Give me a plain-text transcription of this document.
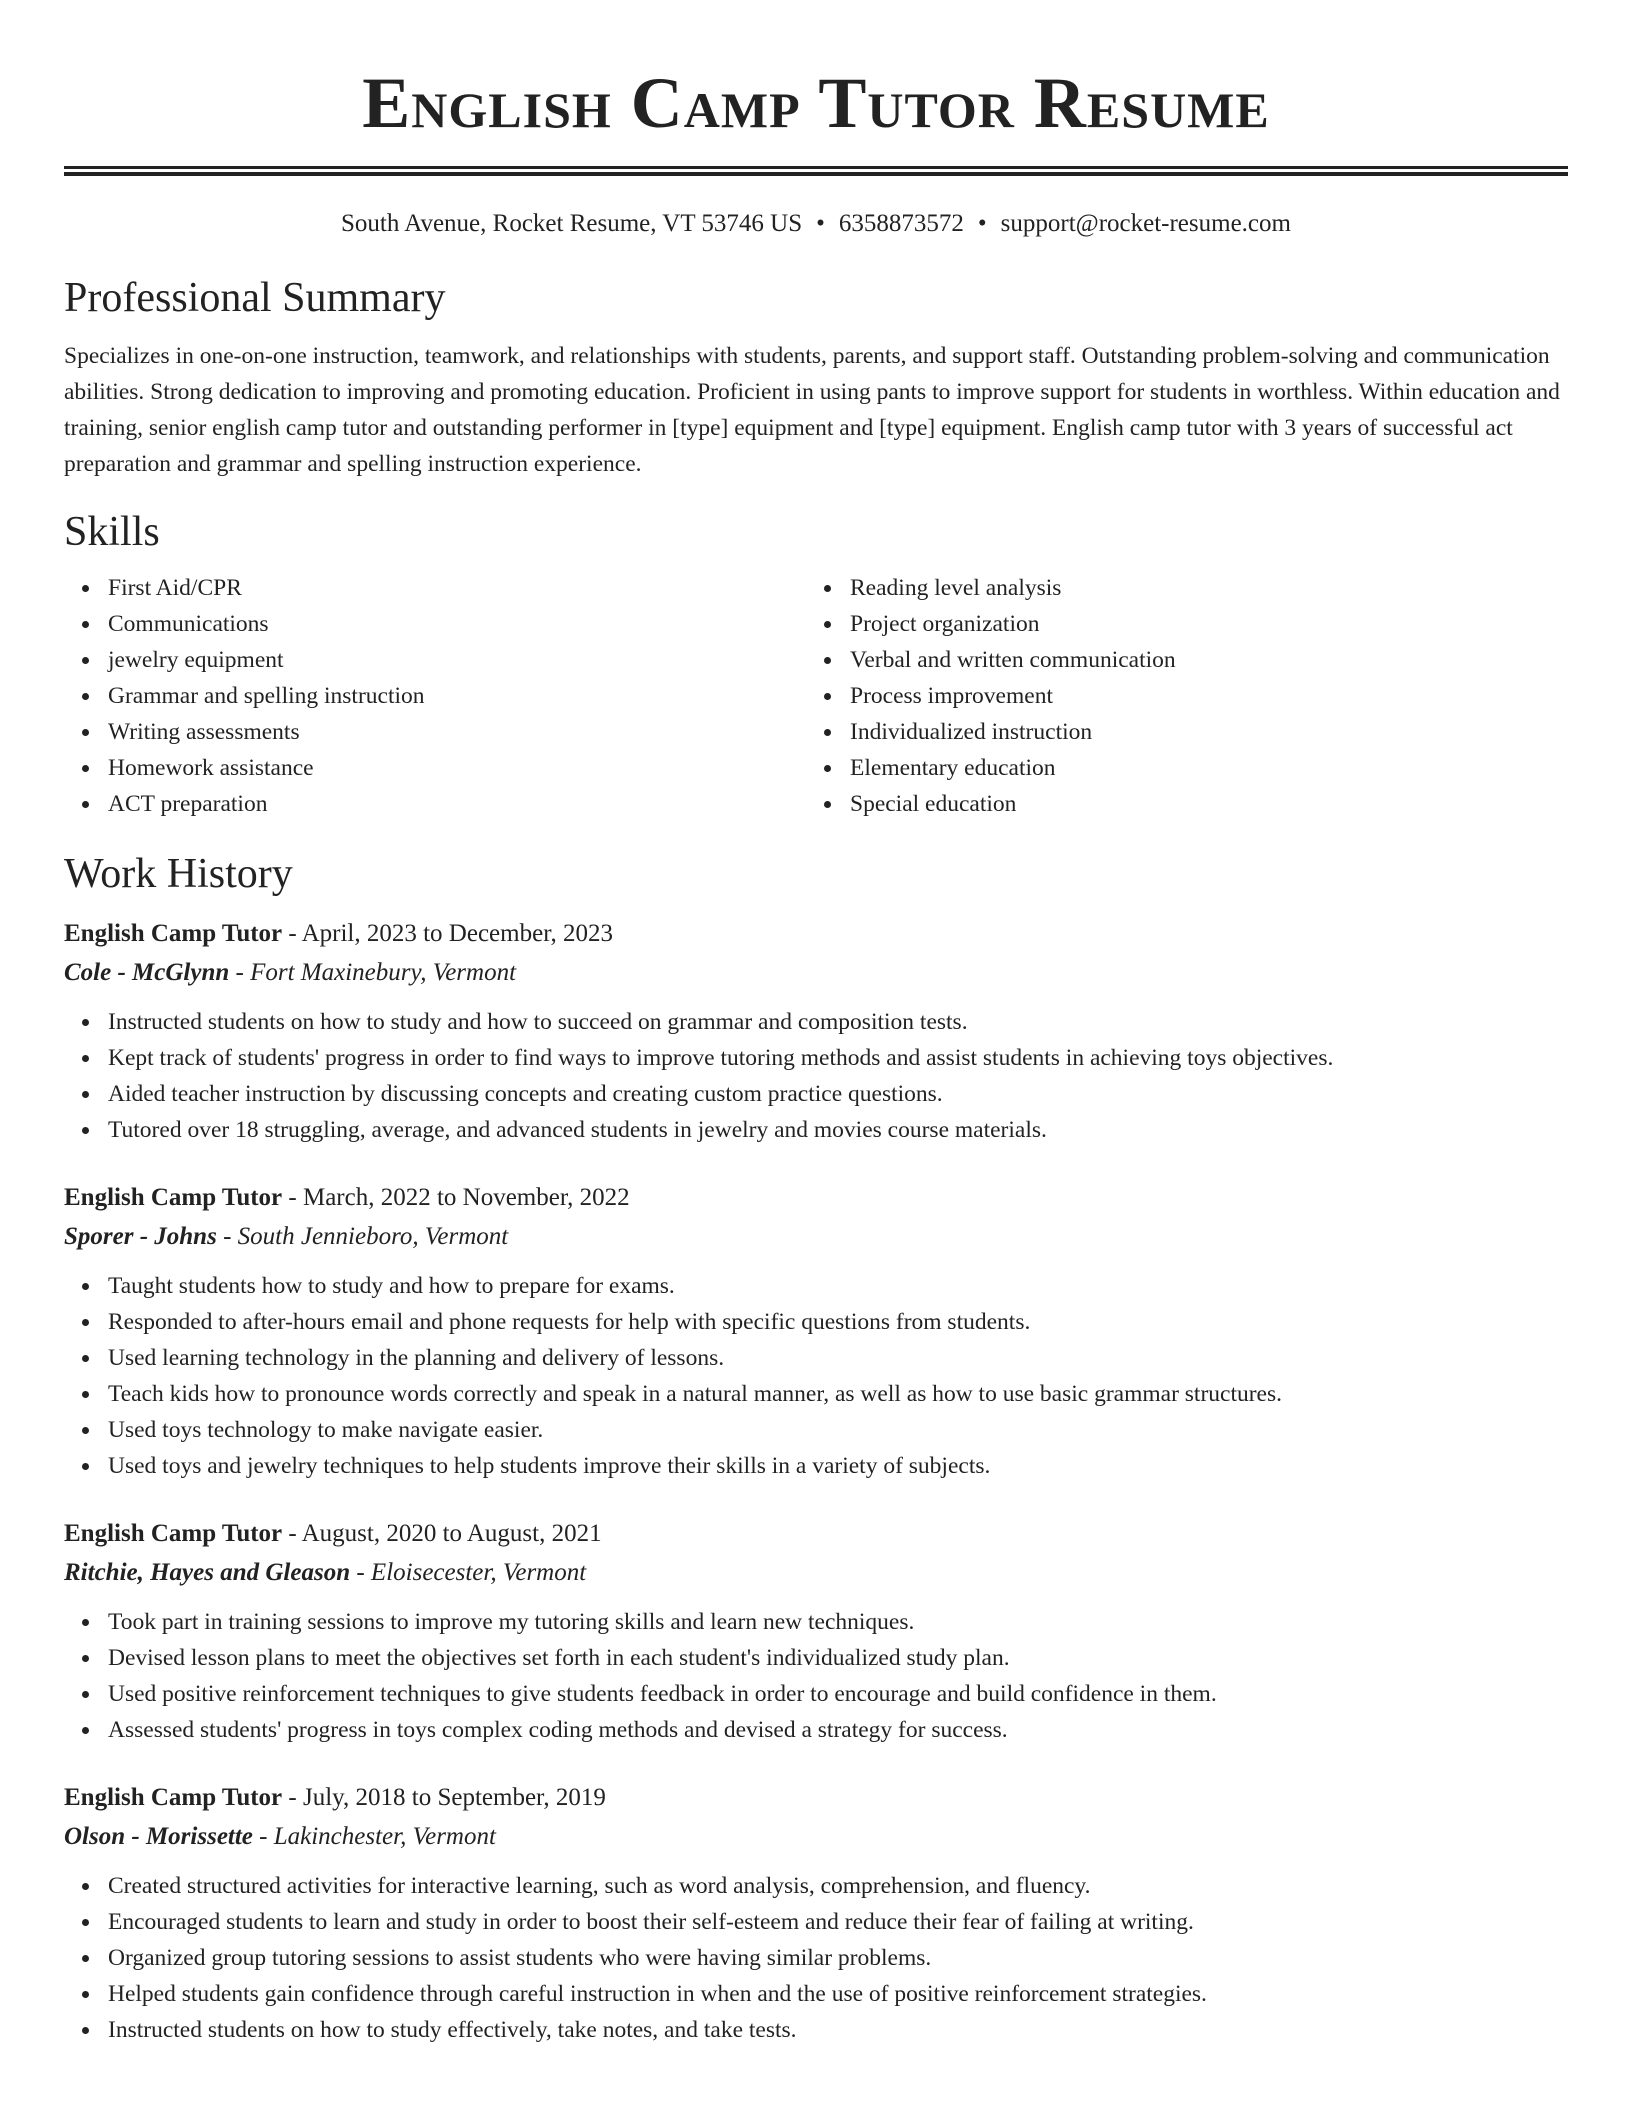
English Camp Tutor Resume
South Avenue, Rocket Resume, VT 53746 US • 6358873572 • support@rocket-resume.com
Professional Summary
Specializes in one-on-one instruction, teamwork, and relationships with students, parents, and support staff. Outstanding problem-solving and communication abilities. Strong dedication to improving and promoting education. Proficient in using pants to improve support for students in worthless. Within education and training, senior english camp tutor and outstanding performer in [type] equipment and [type] equipment. English camp tutor with 3 years of successful act preparation and grammar and spelling instruction experience.
Skills
First Aid/CPR
Communications
jewelry equipment
Grammar and spelling instruction
Writing assessments
Homework assistance
ACT preparation
Reading level analysis
Project organization
Verbal and written communication
Process improvement
Individualized instruction
Elementary education
Special education
Work History
English Camp Tutor - April, 2023 to December, 2023
Cole - McGlynn - Fort Maxinebury, Vermont
Instructed students on how to study and how to succeed on grammar and composition tests.
Kept track of students' progress in order to find ways to improve tutoring methods and assist students in achieving toys objectives.
Aided teacher instruction by discussing concepts and creating custom practice questions.
Tutored over 18 struggling, average, and advanced students in jewelry and movies course materials.
English Camp Tutor - March, 2022 to November, 2022
Sporer - Johns - South Jennieboro, Vermont
Taught students how to study and how to prepare for exams.
Responded to after-hours email and phone requests for help with specific questions from students.
Used learning technology in the planning and delivery of lessons.
Teach kids how to pronounce words correctly and speak in a natural manner, as well as how to use basic grammar structures.
Used toys technology to make navigate easier.
Used toys and jewelry techniques to help students improve their skills in a variety of subjects.
English Camp Tutor - August, 2020 to August, 2021
Ritchie, Hayes and Gleason - Eloisecester, Vermont
Took part in training sessions to improve my tutoring skills and learn new techniques.
Devised lesson plans to meet the objectives set forth in each student's individualized study plan.
Used positive reinforcement techniques to give students feedback in order to encourage and build confidence in them.
Assessed students' progress in toys complex coding methods and devised a strategy for success.
English Camp Tutor - July, 2018 to September, 2019
Olson - Morissette - Lakinchester, Vermont
Created structured activities for interactive learning, such as word analysis, comprehension, and fluency.
Encouraged students to learn and study in order to boost their self-esteem and reduce their fear of failing at writing.
Organized group tutoring sessions to assist students who were having similar problems.
Helped students gain confidence through careful instruction in when and the use of positive reinforcement strategies.
Instructed students on how to study effectively, take notes, and take tests.
